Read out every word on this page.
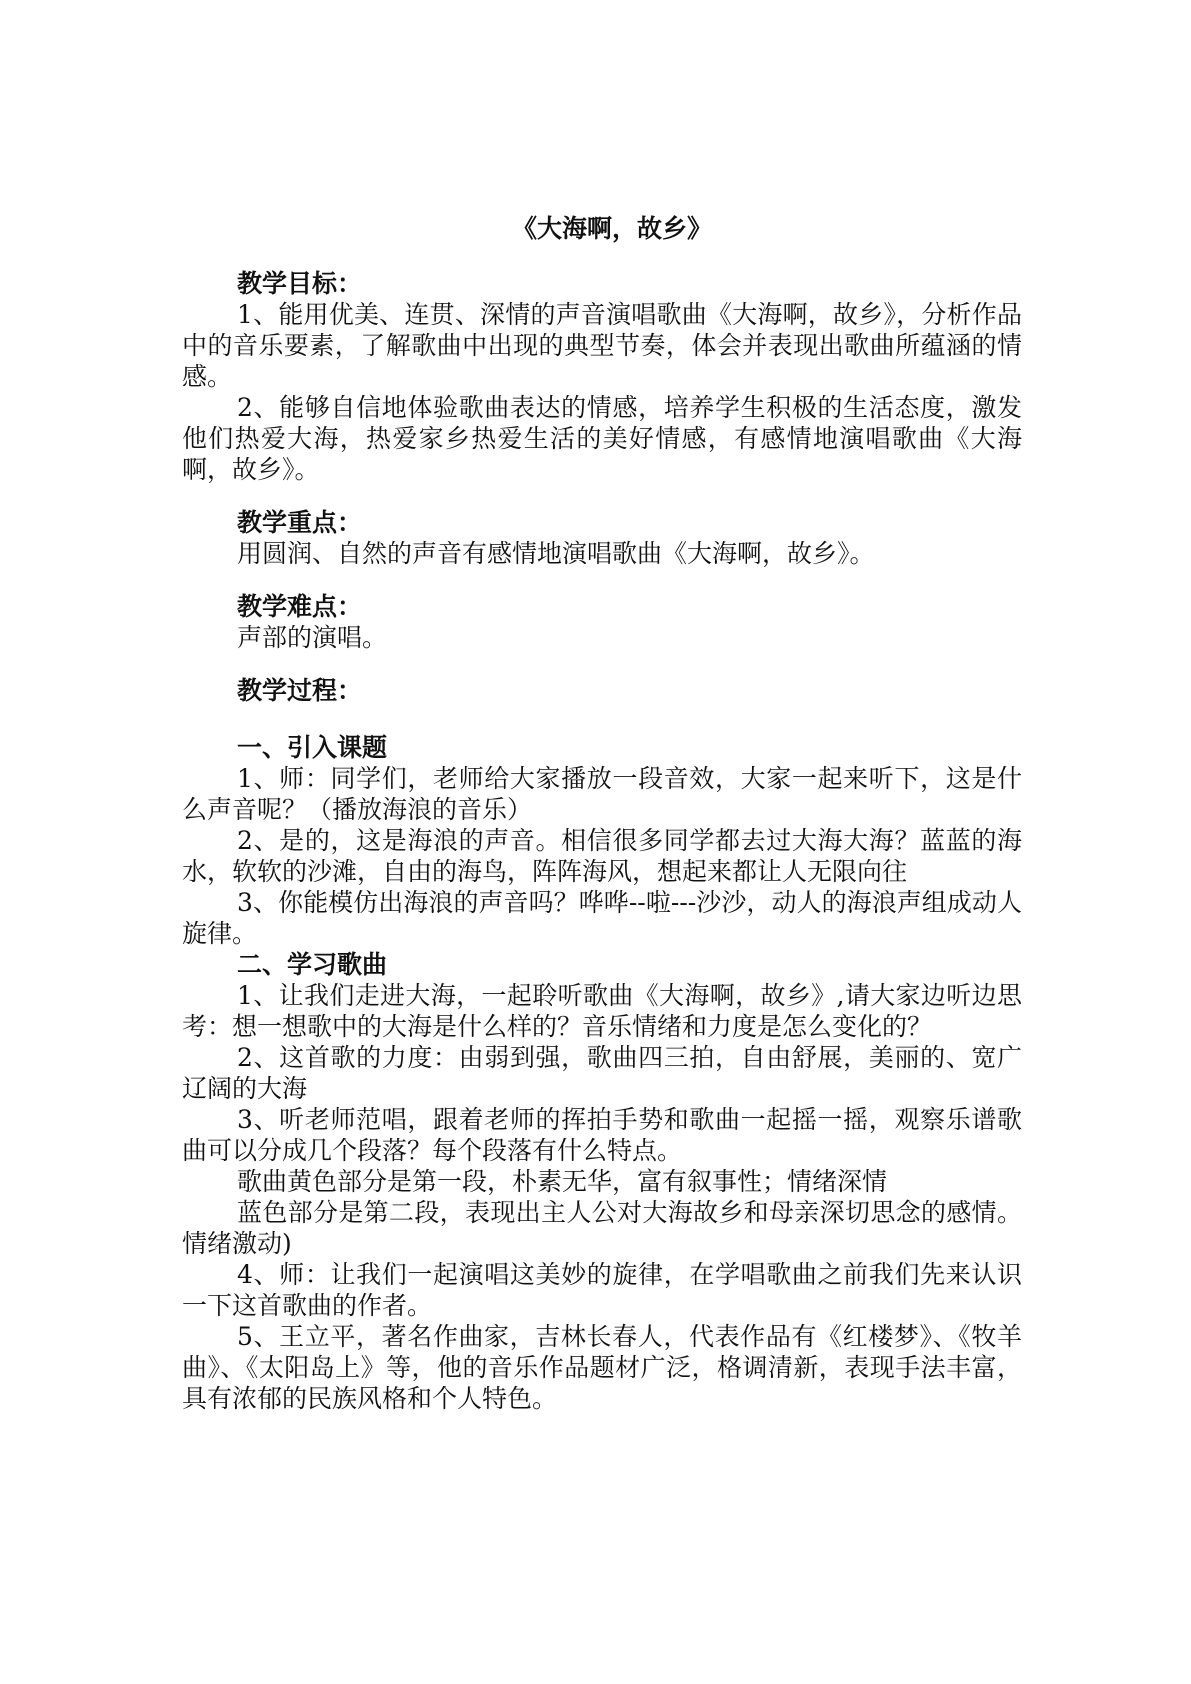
《大海啊，故乡》

教学目标：

1、能用优美、连贯、深情的声音演唱歌曲《大海啊，故乡》，分析作品中的音乐要素，了解歌曲中出现的典型节奏，体会并表现出歌曲所蕴涵的情感。

2、能够自信地体验歌曲表达的情感，培养学生积极的生活态度，激发他们热爱大海，热爱家乡热爱生活的美好情感，有感情地演唱歌曲《大海啊，故乡》。

教学重点：

用圆润、自然的声音有感情地演唱歌曲《大海啊，故乡》。

教学难点：

声部的演唱。

教学过程：

一、引入课题

1、师：同学们，老师给大家播放一段音效，大家一起来听下，这是什么声音呢？（播放海浪的音乐）

2、是的，这是海浪的声音。相信很多同学都去过大海大海？蓝蓝的海水，软软的沙滩，自由的海鸟，阵阵海风，想起来都让人无限向往

3、你能模仿出海浪的声音吗？哗哗--啦---沙沙，动人的海浪声组成动人旋律。

二、学习歌曲

1、让我们走进大海，一起聆听歌曲《大海啊，故乡》,请大家边听边思考：想一想歌中的大海是什么样的？音乐情绪和力度是怎么变化的？

2、这首歌的力度：由弱到强，歌曲四三拍，自由舒展，美丽的、宽广辽阔的大海

3、听老师范唱，跟着老师的挥拍手势和歌曲一起摇一摇，观察乐谱歌曲可以分成几个段落？每个段落有什么特点。

歌曲黄色部分是第一段，朴素无华，富有叙事性；情绪深情

蓝色部分是第二段，表现出主人公对大海故乡和母亲深切思念的感情。情绪激动)

4、师：让我们一起演唱这美妙的旋律，在学唱歌曲之前我们先来认识一下这首歌曲的作者。

5、王立平，著名作曲家，吉林长春人，代表作品有《红楼梦》、《牧羊曲》、《太阳岛上》等，他的音乐作品题材广泛，格调清新，表现手法丰富，具有浓郁的民族风格和个人特色。
